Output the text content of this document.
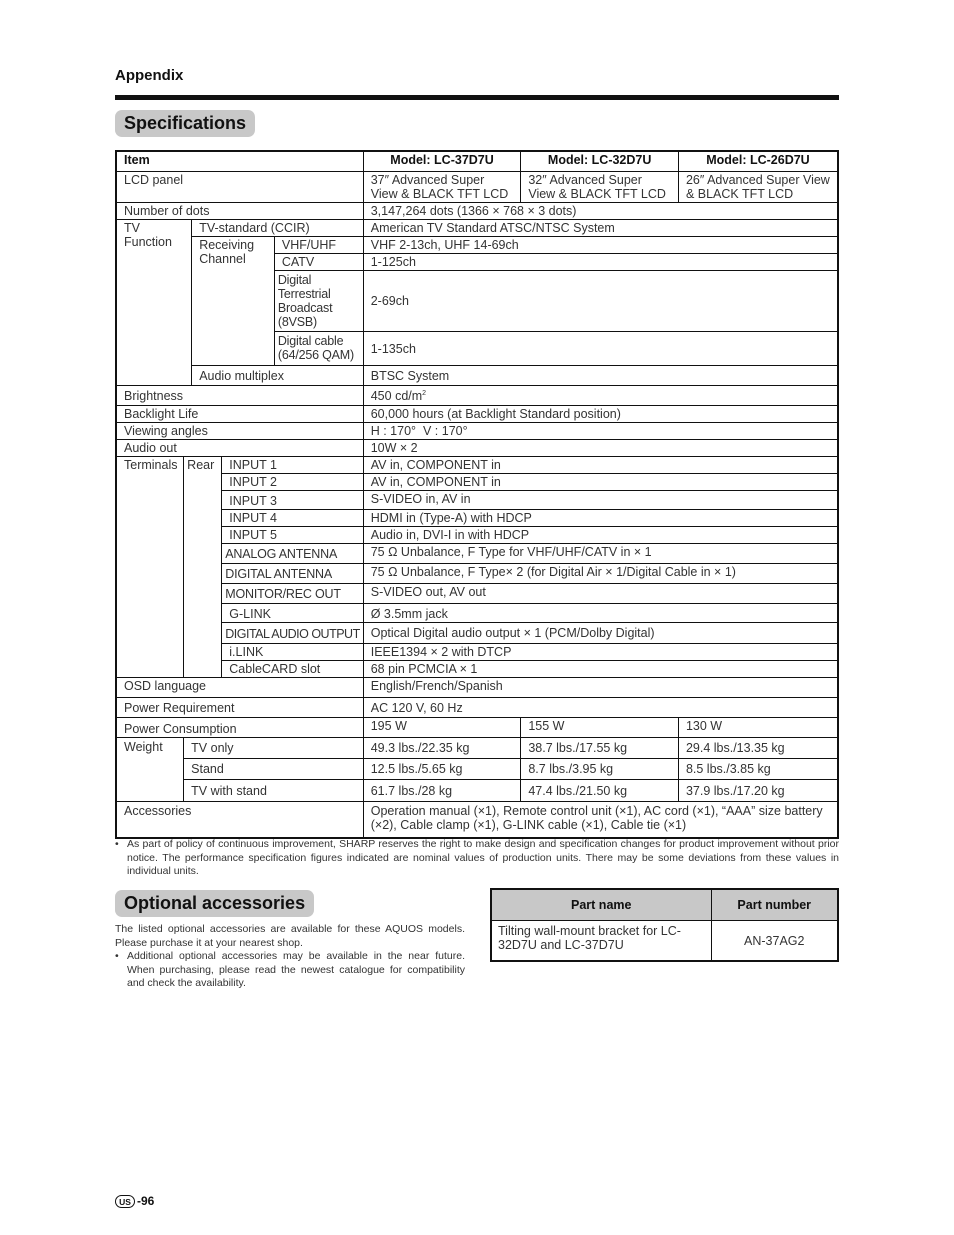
Appendix
Specifications
Item					Model: LC-37D7U	Model: LC-32D7U	Model: LC-26D7U
LCD panel					37″ Advanced Super View & BLACK TFT LCD	32″ Advanced Super View & BLACK TFT LCD	26″ Advanced Super View & BLACK TFT LCD
Number of dots					3,147,264 dots (1366 × 768 × 3 dots)		
TV Function		TV-standard (CCIR)			American TV Standard ATSC/NTSC System		
		Receiving Channel		VHF/UHF	VHF 2-13ch, UHF 14-69ch		
				CATV	1-125ch		
				Digital Terrestrial Broadcast (8VSB)	2-69ch		
				Digital cable (64/256 QAM)	1-135ch		
		Audio multiplex			BTSC System		
Brightness					450 $cd/m^2$
Backlight Life					60,000 hours (at Backlight Standard position)		
Viewing angles					H : 170°  V : 170°		
Audio out					10W × 2		
Terminals	Rear		INPUT 1		AV in, COMPONENT in		
			INPUT 2		AV in, COMPONENT in		
			INPUT 3		S-VIDEO in, AV in		
			INPUT 4		HDMI in (Type-A) with HDCP		
			INPUT 5		Audio in, DVI-I in with HDCP		
			ANALOG ANTENNA		75 Ω Unbalance, F Type for VHF/UHF/CATV in × 1		
			DIGITAL ANTENNA		75 Ω Unbalance, F Type× 2 (for Digital Air × 1/Digital Cable in × 1)		
			MONITOR/REC OUT		S-VIDEO out, AV out		
			G-LINK		Ø 3.5mm jack		
			DIGITAL AUDIO OUTPUT		Optical Digital audio output × 1 (PCM/Dolby Digital)		
			i.LINK		IEEE1394 × 2 with DTCP		
			CableCARD slot		68 pin PCMCIA × 1		
OSD language					English/French/Spanish		
Power Requirement					AC 120 V, 60 Hz		
Power Consumption					195 W	155 W	130 W
Weight	TV only				49.3 lbs./22.35 kg	38.7 lbs./17.55 kg	29.4 lbs./13.35 kg
	Stand				12.5 lbs./5.65 kg	8.7 lbs./3.95 kg	8.5 lbs./3.85 kg
	TV with stand				61.7 lbs./28 kg	47.4 lbs./21.50 kg	37.9 lbs./17.20 kg
Accessories					Operation manual (×1), Remote control unit (×1), AC cord (×1), “AAA” size battery (×2), Cable clamp (×1), G-LINK cable (×1), Cable tie (×1)		
• As part of policy of continuous improvement, SHARP reserves the right to make design and specification changes for product improvement without prior notice. The performance specification figures indicated are nominal values of production units. There may be some deviations from these values in individual units.
Optional accessories

The listed optional accessories are available for these AQUOS models. Please purchase it at your nearest shop.

• Additional optional accessories may be available in the near future. When purchasing, please read the newest catalogue for compatibility and check the availability.

Part name	Part number
Tilting wall-mount bracket for LC-32D7U and LC-37D7U	AN-37AG2
US -96
